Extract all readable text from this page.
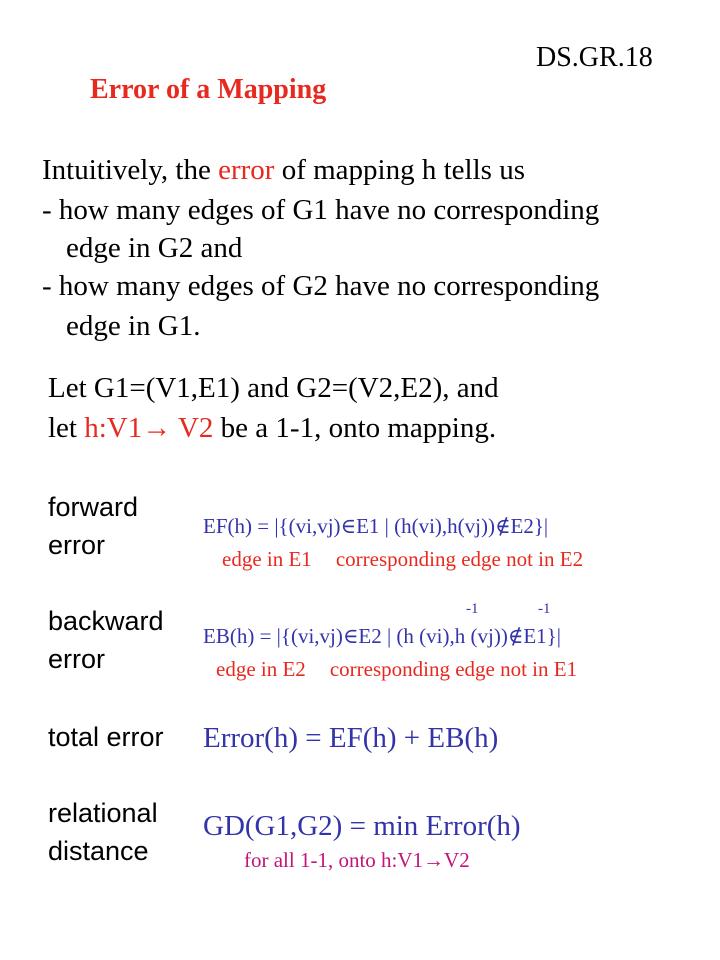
DS.GR.18
Error of a Mapping
Intuitively, the error of mapping h tells us
- how many edges of G1 have no corresponding
edge in G2 and
- how many edges of G2 have no corresponding
edge in G1.
Let G1=(V1,E1) and G2=(V2,E2), and
let h:V1→ V2 be a 1-1, onto mapping.
forward
error
backward
error
total error
relational
distance
EF(h) = |{(vi,vj)∈E1 | (h(vi),h(vj))∉E2}|
edge in E1 corresponding edge not in E2
-1	-1
EB(h) = |{(vi,vj)∈E2 | (h (vi),h (vj))∉E1}|
edge in E2 corresponding edge not in E1
Error(h) = EF(h) + EB(h)
GD(G1,G2) = min Error(h)
for all 1-1, onto h:V1→V2
